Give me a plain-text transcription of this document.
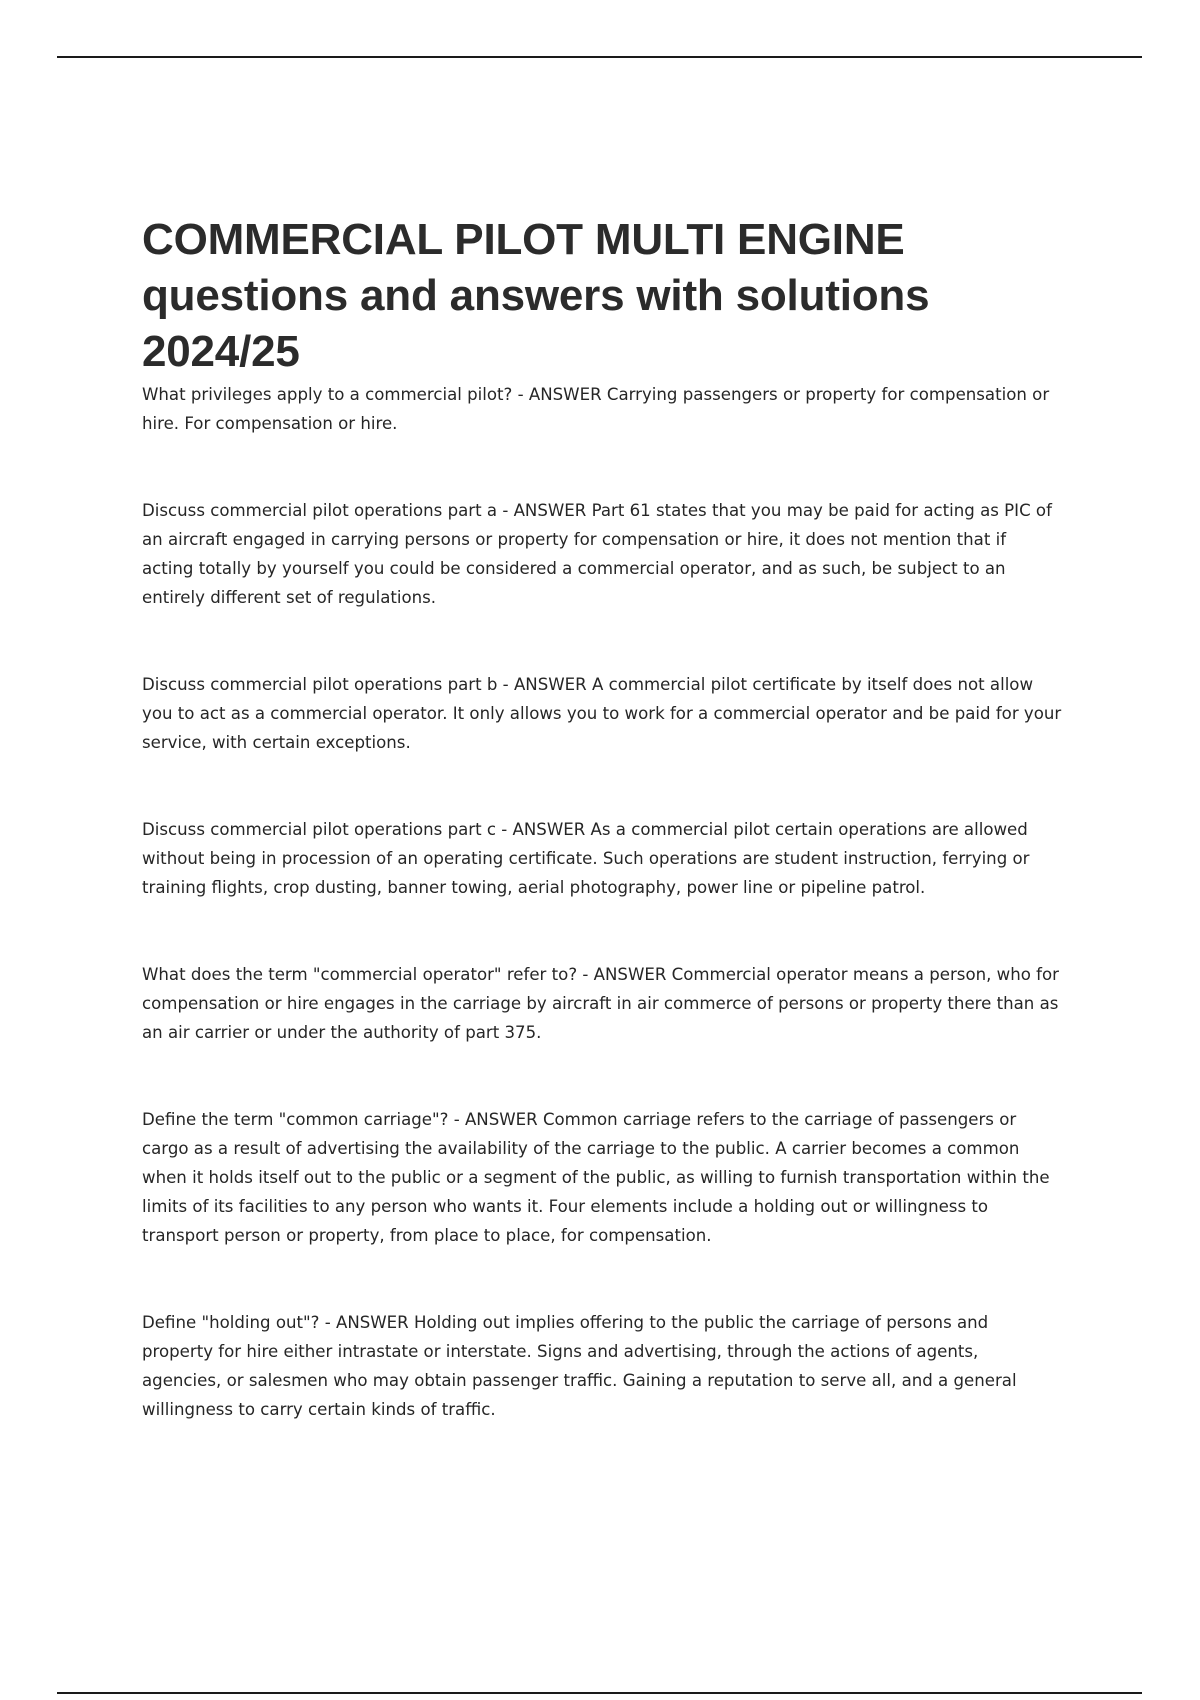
COMMERCIAL PILOT MULTI ENGINE questions and answers with solutions 2024/25

What privileges apply to a commercial pilot? - ANSWER Carrying passengers or property for compensation or hire. For compensation or hire.

Discuss commercial pilot operations part a - ANSWER Part 61 states that you may be paid for acting as PIC of an aircraft engaged in carrying persons or property for compensation or hire, it does not mention that if acting totally by yourself you could be considered a commercial operator, and as such, be subject to an entirely different set of regulations.

Discuss commercial pilot operations part b - ANSWER A commercial pilot certificate by itself does not allow you to act as a commercial operator. It only allows you to work for a commercial operator and be paid for your service, with certain exceptions.

Discuss commercial pilot operations part c - ANSWER As a commercial pilot certain operations are allowed without being in procession of an operating certificate. Such operations are student instruction, ferrying or training flights, crop dusting, banner towing, aerial photography, power line or pipeline patrol.

What does the term "commercial operator" refer to? - ANSWER Commercial operator means a person, who for compensation or hire engages in the carriage by aircraft in air commerce of persons or property there than as an air carrier or under the authority of part 375.

Define the term "common carriage"? - ANSWER Common carriage refers to the carriage of passengers or cargo as a result of advertising the availability of the carriage to the public. A carrier becomes a common when it holds itself out to the public or a segment of the public, as willing to furnish transportation within the limits of its facilities to any person who wants it. Four elements include a holding out or willingness to transport person or property, from place to place, for compensation.

Define "holding out"? - ANSWER Holding out implies offering to the public the carriage of persons and property for hire either intrastate or interstate. Signs and advertising, through the actions of agents, agencies, or salesmen who may obtain passenger traffic. Gaining a reputation to serve all, and a general willingness to carry certain kinds of traffic.
